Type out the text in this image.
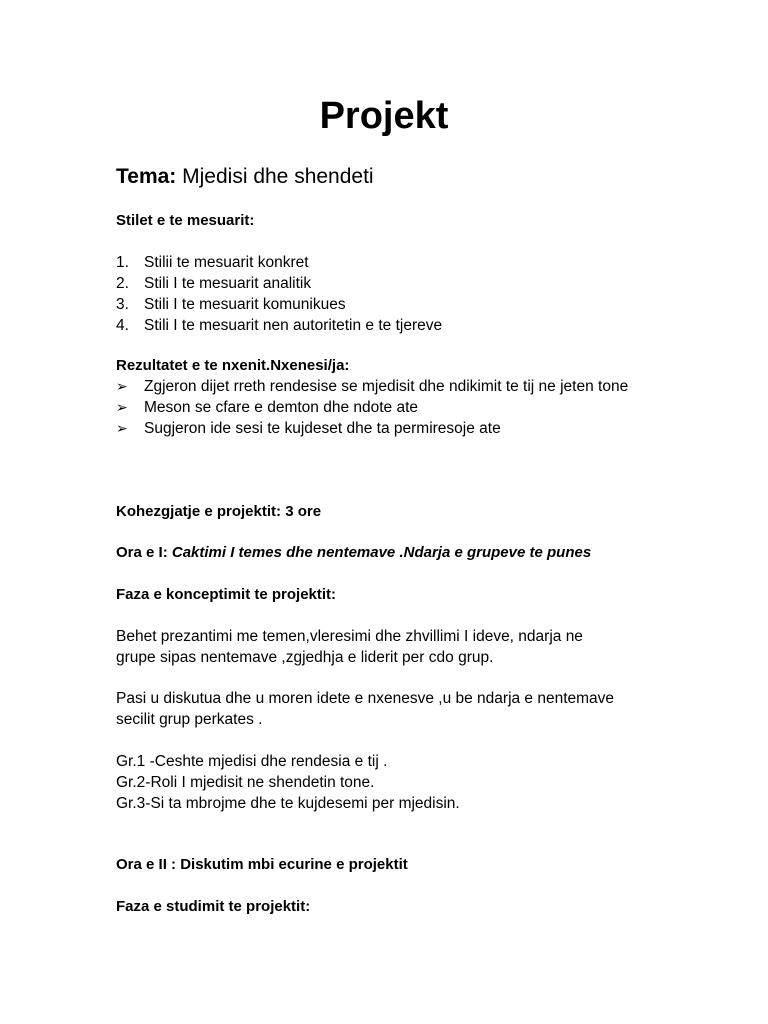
Projekt
Tema: Mjedisi dhe shendeti
Stilet e te mesuarit:
1. Stilii te mesuarit konkret
2. Stili I te mesuarit analitik
3. Stili I te mesuarit komunikues
4. Stili I te mesuarit nen autoritetin e te tjereve
Rezultatet e te nxenit.Nxenesi/ja:
➢ Zgjeron dijet rreth rendesise se mjedisit dhe ndikimit te tij ne jeten tone
➢ Meson se cfare e demton dhe ndote ate
➢ Sugjeron ide sesi te kujdeset dhe ta permiresoje ate
Kohezgjatje e projektit: 3 ore
Ora e I: Caktimi I temes dhe nentemave .Ndarja e grupeve te punes
Faza e konceptimit te projektit:
Behet prezantimi me temen,vleresimi dhe zhvillimi I ideve, ndarja ne
grupe sipas nentemave ,zgjedhja e liderit per cdo grup.
Pasi u diskutua dhe u moren idete e nxenesve ,u be ndarja e nentemave
secilit grup perkates .
Gr.1 -Ceshte mjedisi dhe rendesia e tij .
Gr.2-Roli I mjedisit ne shendetin tone.
Gr.3-Si ta mbrojme dhe te kujdesemi per mjedisin.
Ora e II : Diskutim mbi ecurine e projektit
Faza e studimit te projektit:
